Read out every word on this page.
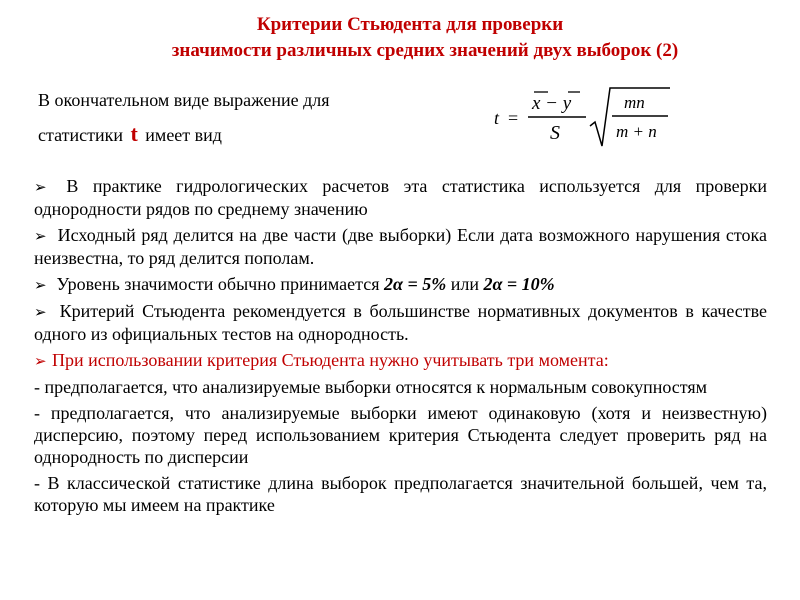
Критерии Стьюдента для проверки
значимости различных средних значений двух выборок (2)
В окончательном виде выражение для
статистики t имеет вид
t =
x − y
S
mn
m + n
➢ В практике гидрологических расчетов эта статистика используется для проверки однородности рядов по среднему значению
➢ Исходный ряд делится на две части (две выборки) Если дата возможного нарушения стока неизвестна, то ряд делится пополам.
➢ Уровень значимости обычно принимается 2α = 5% или 2α = 10%
➢ Критерий Стьюдента рекомендуется в большинстве нормативных документов в качестве одного из официальных тестов на однородность.
➢ При использовании критерия Стьюдента нужно учитывать три момента:
- предполагается, что анализируемые выборки относятся к нормальным совокупностям
- предполагается, что анализируемые выборки имеют одинаковую (хотя и неизвестную) дисперсию, поэтому перед использованием критерия Стьюдента следует проверить ряд на однородность по дисперсии
- В классической статистике длина выборок предполагается значительной большей, чем та, которую мы имеем на практике
